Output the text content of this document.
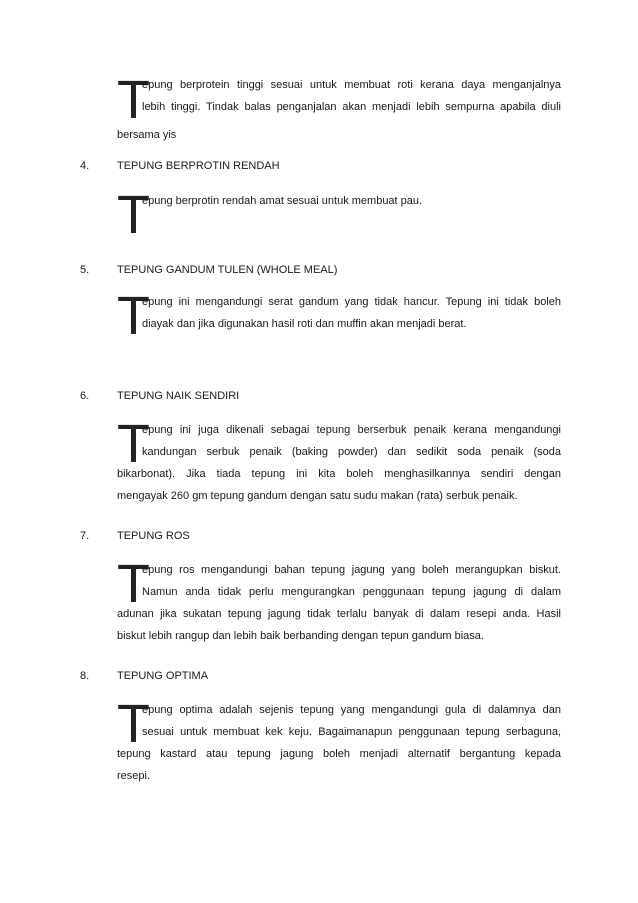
T
epung berprotein tinggi sesuai untuk membuat roti kerana daya menganjalnya
lebih tinggi. Tindak balas penganjalan akan menjadi lebih sempurna apabila diuli
bersama yis
4.	TEPUNG BERPROTIN RENDAH
T
epung berprotin rendah amat sesuai untuk membuat pau.
5.	TEPUNG GANDUM TULEN (WHOLE MEAL)
T
epung ini mengandungi serat gandum yang tidak hancur. Tepung ini tidak boleh
diayak dan jika digunakan hasil roti dan muffin akan menjadi berat.
6.	TEPUNG NAIK SENDIRI
T
epung ini juga dikenali sebagai tepung berserbuk penaik kerana mengandungi
kandungan serbuk penaik (baking powder) dan sedikit soda penaik (soda
bikarbonat). Jika tiada tepung ini kita boleh menghasilkannya sendiri dengan
mengayak 260 gm tepung gandum dengan satu sudu makan (rata) serbuk penaik.
7.	TEPUNG ROS
T
epung ros mengandungi bahan tepung jagung yang boleh merangupkan biskut.
Namun anda tidak perlu mengurangkan penggunaan tepung jagung di dalam
adunan jika sukatan tepung jagung tidak terlalu banyak di dalam resepi anda. Hasil
biskut lebih rangup dan lebih baik berbanding dengan tepun gandum biasa.
8.	TEPUNG OPTIMA
T
epung optima adalah sejenis tepung yang mengandungi gula di dalamnya dan
sesuai untuk membuat kek keju. Bagaimanapun penggunaan tepung serbaguna,
tepung kastard atau tepung jagung boleh menjadi alternatif bergantung kepada
resepi.
